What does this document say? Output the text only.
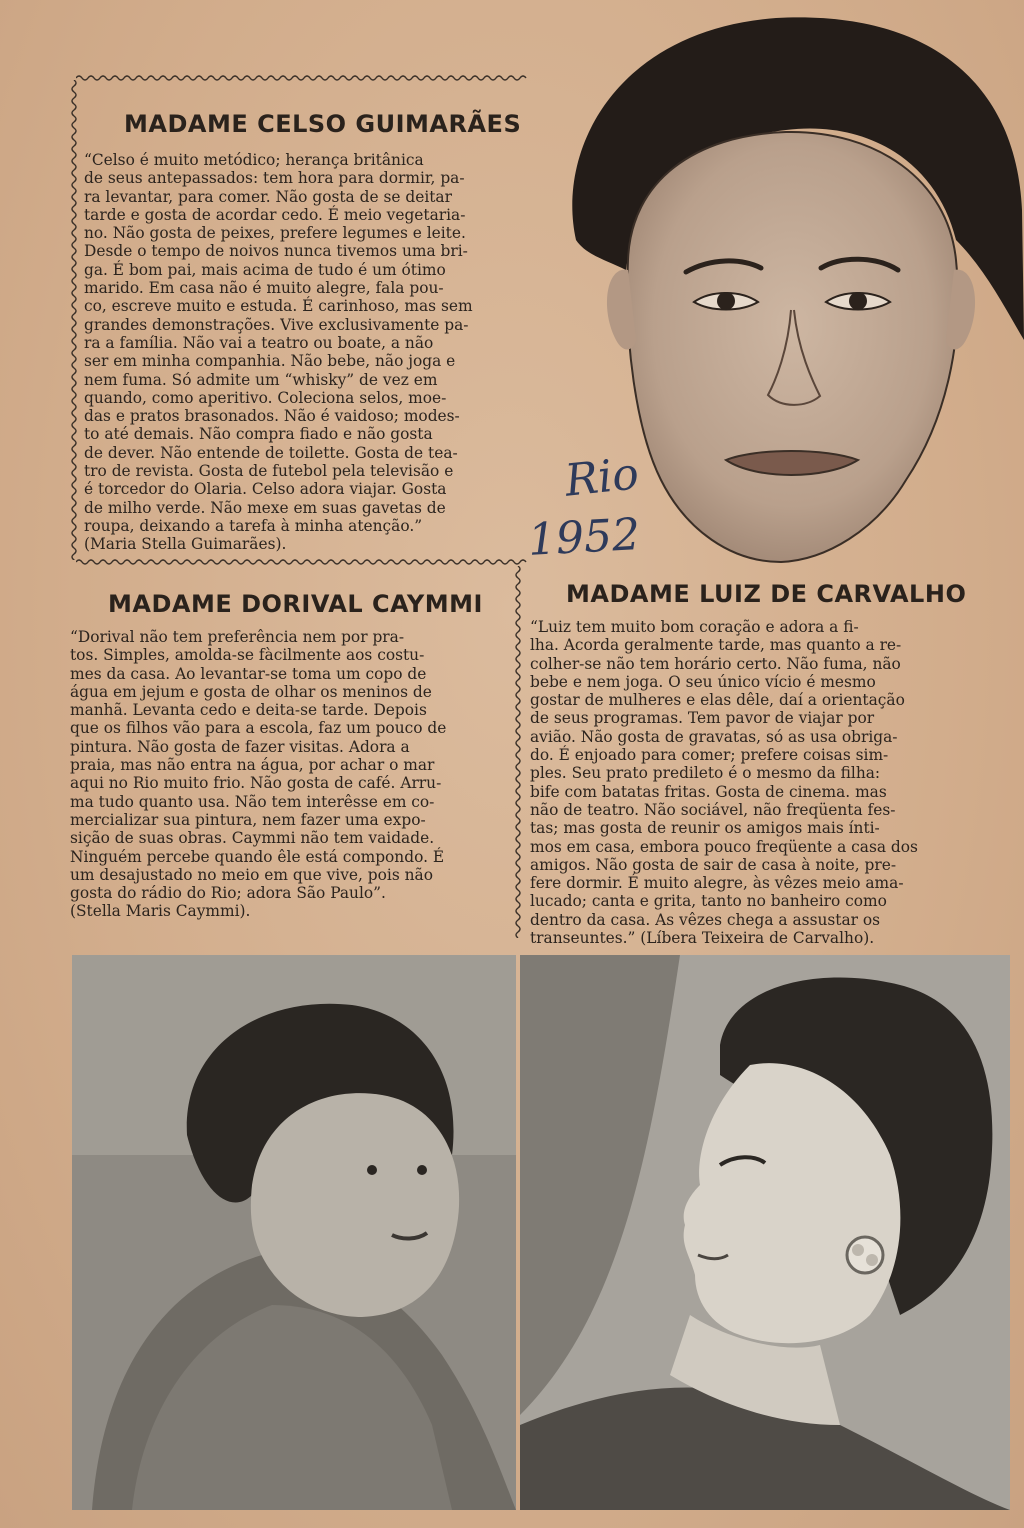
MADAME CELSO GUIMARÃES

“Celso é muito metódico; herança britânica
de seus antepassados: tem hora para dormir, pa-
ra levantar, para comer. Não gosta de se deitar
tarde e gosta de acordar cedo. É meio vegetaria-
no. Não gosta de peixes, prefere legumes e leite.
Desde o tempo de noivos nunca tivemos uma bri-
ga. É bom pai, mais acima de tudo é um ótimo
marido. Em casa não é muito alegre, fala pou-
co, escreve muito e estuda. É carinhoso, mas sem
grandes demonstrações. Vive exclusivamente pa-
ra a família. Não vai a teatro ou boate, a não
ser em minha companhia. Não bebe, não joga e
nem fuma. Só admite um “whisky” de vez em
quando, como aperitivo. Coleciona selos, moe-
das e pratos brasonados. Não é vaidoso; modes-
to até demais. Não compra fiado e não gosta
de dever. Não entende de toilette. Gosta de tea-
tro de revista. Gosta de futebol pela televisão e
é torcedor do Olaria. Celso adora viajar. Gosta
de milho verde. Não mexe em suas gavetas de
roupa, deixando a tarefa à minha atenção.”
(Maria Stella Guimarães).

Rio
1952
MADAME DORIVAL CAYMMI

“Dorival não tem preferência nem por pra-
tos. Simples, amolda-se fàcilmente aos costu-
mes da casa. Ao levantar-se toma um copo de
água em jejum e gosta de olhar os meninos de
manhã. Levanta cedo e deita-se tarde. Depois
que os filhos vão para a escola, faz um pouco de
pintura. Não gosta de fazer visitas. Adora a
praia, mas não entra na água, por achar o mar
aqui no Rio muito frio. Não gosta de café. Arru-
ma tudo quanto usa. Não tem interêsse em co-
mercializar sua pintura, nem fazer uma expo-
sição de suas obras. Caymmi não tem vaidade.
Ninguém percebe quando êle está compondo. É
um desajustado no meio em que vive, pois não
gosta do rádio do Rio; adora São Paulo”.
(Stella Maris Caymmi).

MADAME LUIZ DE CARVALHO

“Luiz tem muito bom coração e adora a fi-
lha. Acorda geralmente tarde, mas quanto a re-
colher-se não tem horário certo. Não fuma, não
bebe e nem joga. O seu único vício é mesmo
gostar de mulheres e elas dêle, daí a orientação
de seus programas. Tem pavor de viajar por
avião. Não gosta de gravatas, só as usa obriga-
do. É enjoado para comer; prefere coisas sim-
ples. Seu prato predileto é o mesmo da filha:
bife com batatas fritas. Gosta de cinema. mas
não de teatro. Não sociável, não freqüenta fes-
tas; mas gosta de reunir os amigos mais ínti-
mos em casa, embora pouco freqüente a casa dos
amigos. Não gosta de sair de casa à noite, pre-
fere dormir. É muito alegre, às vêzes meio ama-
lucado; canta e grita, tanto no banheiro como
dentro da casa. As vêzes chega a assustar os
transeuntes.” (Líbera Teixeira de Carvalho).
